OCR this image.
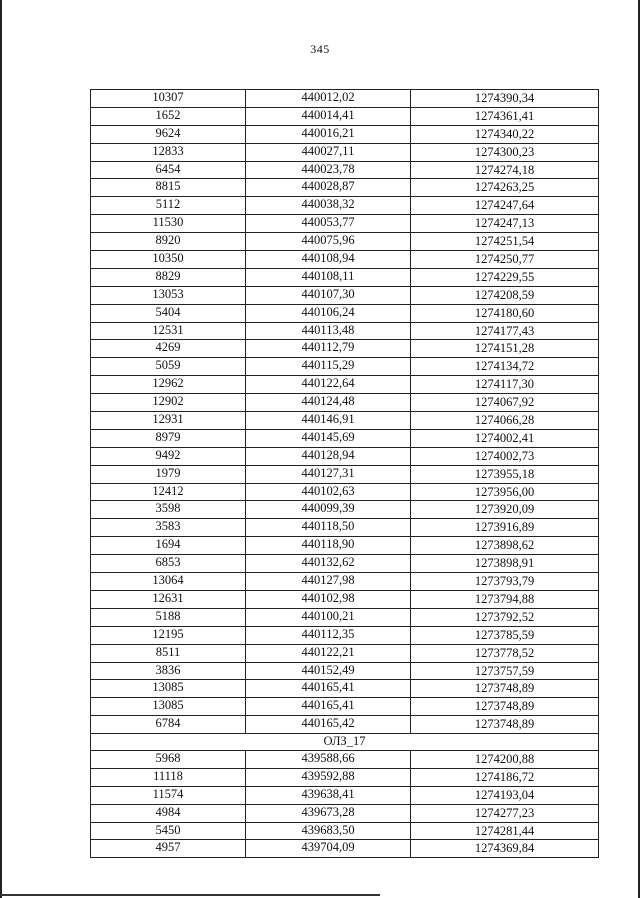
345
10307	440012,02	1274390,34
1652	440014,41	1274361,41
9624	440016,21	1274340,22
12833	440027,11	1274300,23
6454	440023,78	1274274,18
8815	440028,87	1274263,25
5112	440038,32	1274247,64
11530	440053,77	1274247,13
8920	440075,96	1274251,54
10350	440108,94	1274250,77
8829	440108,11	1274229,55
13053	440107,30	1274208,59
5404	440106,24	1274180,60
12531	440113,48	1274177,43
4269	440112,79	1274151,28
5059	440115,29	1274134,72
12962	440122,64	1274117,30
12902	440124,48	1274067,92
12931	440146,91	1274066,28
8979	440145,69	1274002,41
9492	440128,94	1274002,73
1979	440127,31	1273955,18
12412	440102,63	1273956,00
3598	440099,39	1273920,09
3583	440118,50	1273916,89
1694	440118,90	1273898,62
6853	440132,62	1273898,91
13064	440127,98	1273793,79
12631	440102,98	1273794,88
5188	440100,21	1273792,52
12195	440112,35	1273785,59
8511	440122,21	1273778,52
3836	440152,49	1273757,59
13085	440165,41	1273748,89
13085	440165,41	1273748,89
6784	440165,42	1273748,89
ОЛЗ_17		
5968	439588,66	1274200,88
11118	439592,88	1274186,72
11574	439638,41	1274193,04
4984	439673,28	1274277,23
5450	439683,50	1274281,44
4957	439704,09	1274369,84
